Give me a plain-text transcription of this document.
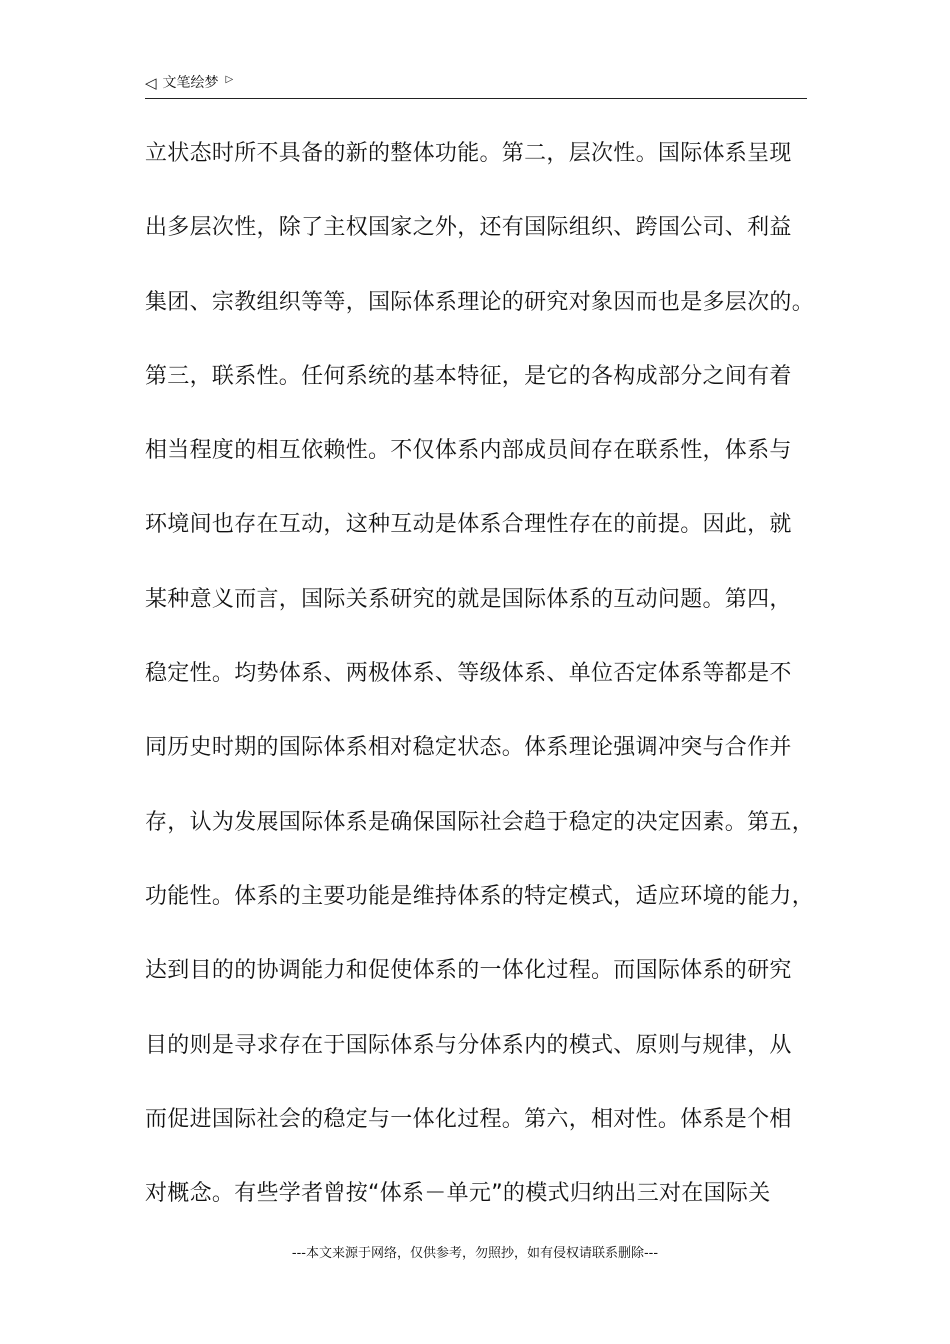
◁ 文笔绘梦 ▷
立状态时所不具备的新的整体功能。第二，层次性。国际体系呈现
出多层次性，除了主权国家之外，还有国际组织、跨国公司、利益
集团、宗教组织等等，国际体系理论的研究对象因而也是多层次的。
第三，联系性。任何系统的基本特征，是它的各构成部分之间有着
相当程度的相互依赖性。不仅体系内部成员间存在联系性，体系与
环境间也存在互动，这种互动是体系合理性存在的前提。因此，就
某种意义而言，国际关系研究的就是国际体系的互动问题。第四，
稳定性。均势体系、两极体系、等级体系、单位否定体系等都是不
同历史时期的国际体系相对稳定状态。体系理论强调冲突与合作并
存，认为发展国际体系是确保国际社会趋于稳定的决定因素。第五，
功能性。体系的主要功能是维持体系的特定模式，适应环境的能力，
达到目的的协调能力和促使体系的一体化过程。而国际体系的研究
目的则是寻求存在于国际体系与分体系内的模式、原则与规律，从
而促进国际社会的稳定与一体化过程。第六，相对性。体系是个相
对概念。有些学者曾按“体系－单元”的模式归纳出三对在国际关
---本文来源于网络，仅供参考，勿照抄，如有侵权请联系删除---
